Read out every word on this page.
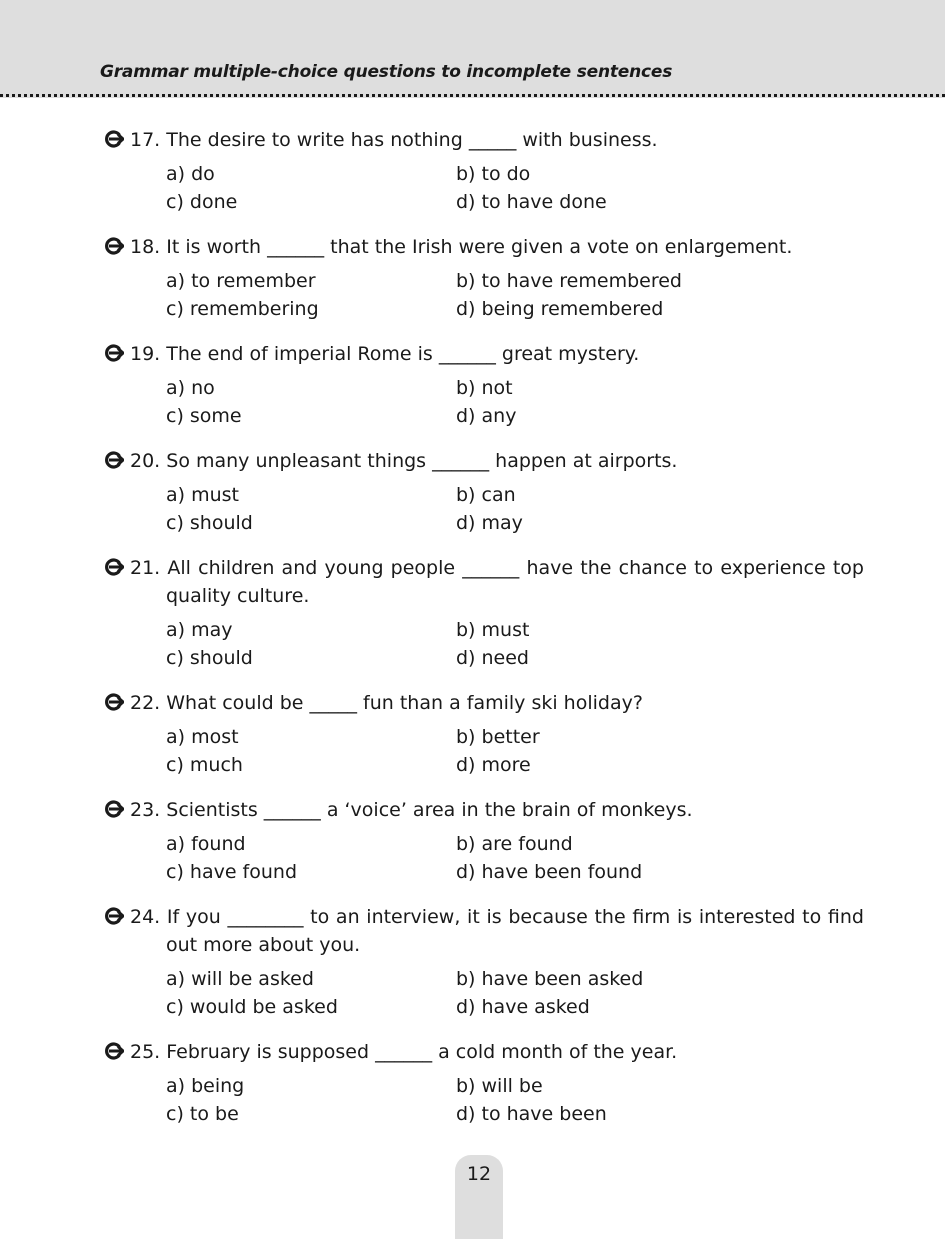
Grammar multiple-choice questions to incomplete sentences
17. The desire to write has nothing _____ with business.
a) do	b) to do
c) done	d) to have done
18. It is worth ______ that the Irish were given a vote on enlargement.
a) to remember	b) to have remembered
c) remembering	d) being remembered
19. The end of imperial Rome is ______ great mystery.
a) no	b) not
c) some	d) any
20. So many unpleasant things ______ happen at airports.
a) must	b) can
c) should	d) may
21. All children and young people ______ have the chance to experience top quality culture.
a) may	b) must
c) should	d) need
22. What could be _____ fun than a family ski holiday?
a) most	b) better
c) much	d) more
23. Scientists ______ a ‘voice’ area in the brain of monkeys.
a) found	b) are found
c) have found	d) have been found
24. If you ________ to an interview, it is because the firm is interested to find out more about you.
a) will be asked	b) have been asked
c) would be asked	d) have asked
25. February is supposed ______ a cold month of the year.
a) being	b) will be
c) to be	d) to have been
12
